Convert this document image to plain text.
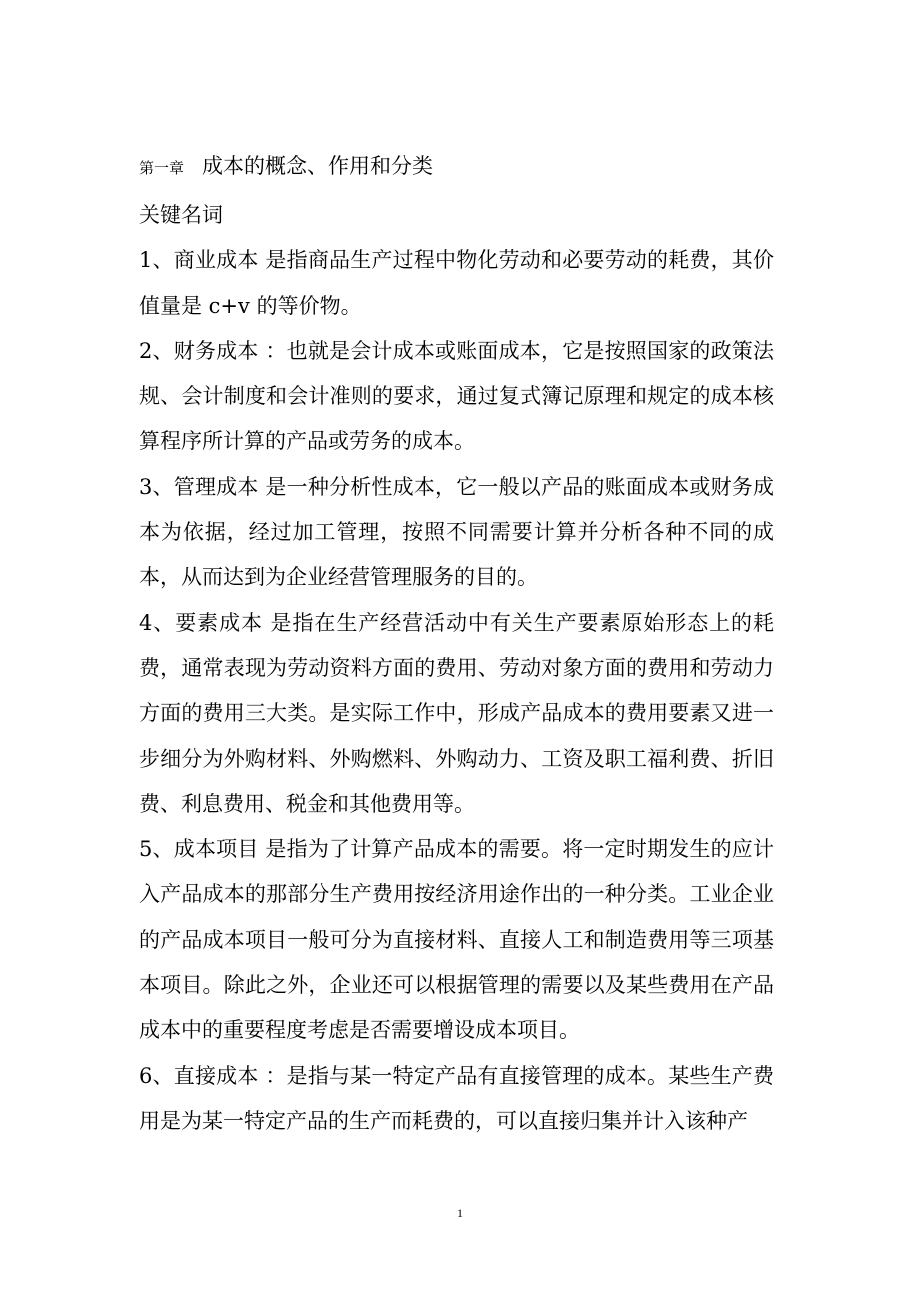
第一章 成本的概念、作用和分类

关键名词

1、商业成本 是指商品生产过程中物化劳动和必要劳动的耗费，其价值量是 c+v 的等价物。

2、财务成本 ：也就是会计成本或账面成本，它是按照国家的政策法规、会计制度和会计准则的要求，通过复式簿记原理和规定的成本核算程序所计算的产品或劳务的成本。

3、管理成本 是一种分析性成本，它一般以产品的账面成本或财务成本为依据，经过加工管理，按照不同需要计算并分析各种不同的成本，从而达到为企业经营管理服务的目的。

4、要素成本 是指在生产经营活动中有关生产要素原始形态上的耗费，通常表现为劳动资料方面的费用、劳动对象方面的费用和劳动力方面的费用三大类。是实际工作中，形成产品成本的费用要素又进一步细分为外购材料、外购燃料、外购动力、工资及职工福利费、折旧费、利息费用、税金和其他费用等。

5、成本项目 是指为了计算产品成本的需要。将一定时期发生的应计入产品成本的那部分生产费用按经济用途作出的一种分类。工业企业的产品成本项目一般可分为直接材料、直接人工和制造费用等三项基本项目。除此之外，企业还可以根据管理的需要以及某些费用在产品成本中的重要程度考虑是否需要增设成本项目。

6、直接成本 ：是指与某一特定产品有直接管理的成本。某些生产费用是为某一特定产品的生产而耗费的，可以直接归集并计入该种产

1
